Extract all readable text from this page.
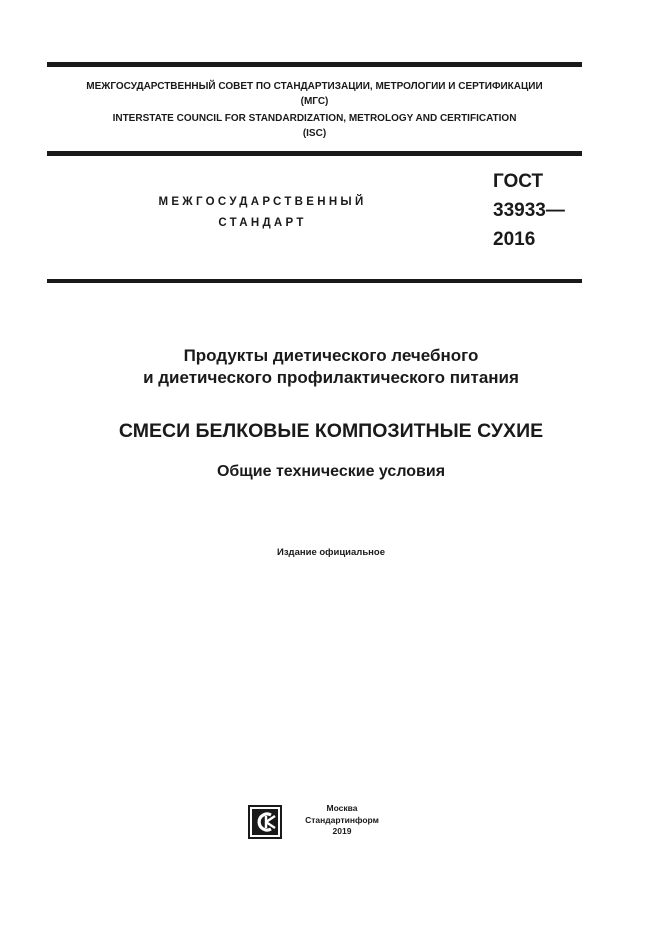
МЕЖГОСУДАРСТВЕННЫЙ СОВЕТ ПО СТАНДАРТИЗАЦИИ, МЕТРОЛОГИИ И СЕРТИФИКАЦИИ
(МГС)
INTERSTATE COUNCIL FOR STANDARDIZATION, METROLOGY AND CERTIFICATION
(ISC)
МЕЖГОСУДАРСТВЕННЫЙ
СТАНДАРТ
ГОСТ
33933—
2016
Продукты диетического лечебного
и диетического профилактического питания
СМЕСИ БЕЛКОВЫЕ КОМПОЗИТНЫЕ СУХИЕ
Общие технические условия
Издание официальное
Москва
Стандартинформ
2019
